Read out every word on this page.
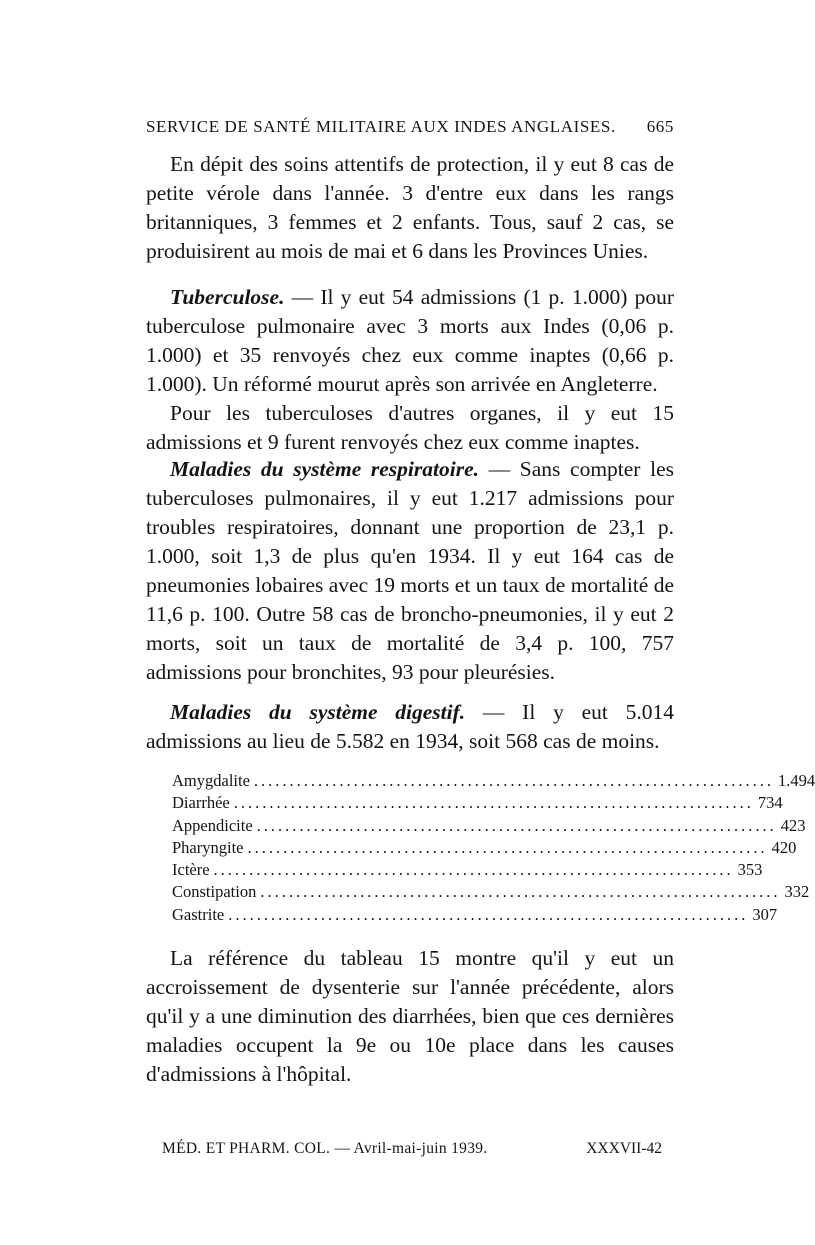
SERVICE DE SANTÉ MILITAIRE AUX INDES ANGLAISES. 665

En dépit des soins attentifs de protection, il y eut 8 cas de petite vérole dans l'année. 3 d'entre eux dans les rangs britanniques, 3 femmes et 2 enfants. Tous, sauf 2 cas, se produisirent au mois de mai et 6 dans les Provinces Unies.

Tuberculose. — Il y eut 54 admissions (1 p. 1.000) pour tuberculose pulmonaire avec 3 morts aux Indes (0,06 p. 1.000) et 35 renvoyés chez eux comme inaptes (0,66 p. 1.000). Un réformé mourut après son arrivée en Angleterre.

Pour les tuberculoses d'autres organes, il y eut 15 admissions et 9 furent renvoyés chez eux comme inaptes.

Maladies du système respiratoire. — Sans compter les tuberculoses pulmonaires, il y eut 1.217 admissions pour troubles respiratoires, donnant une proportion de 23,1 p. 1.000, soit 1,3 de plus qu'en 1934. Il y eut 164 cas de pneumonies lobaires avec 19 morts et un taux de mortalité de 11,6 p. 100. Outre 58 cas de broncho-pneumonies, il y eut 2 morts, soit un taux de mortalité de 3,4 p. 100, 757 admissions pour bronchites, 93 pour pleurésies.

Maladies du système digestif. — Il y eut 5.014 admissions au lieu de 5.582 en 1934, soit 568 cas de moins.

Amygdalite ......................................................................... 1.494
Diarrhée ......................................................................... 734
Appendicite ......................................................................... 423
Pharyngite ......................................................................... 420
Ictère ......................................................................... 353
Constipation ......................................................................... 332
Gastrite ......................................................................... 307

La référence du tableau 15 montre qu'il y eut un accroissement de dysenterie sur l'année précédente, alors qu'il y a une diminution des diarrhées, bien que ces dernières maladies occupent la 9e ou 10e place dans les causes d'admissions à l'hôpital.

MÉD. ET PHARM. COL. — Avril-mai-juin 1939.	XXXVII-42
